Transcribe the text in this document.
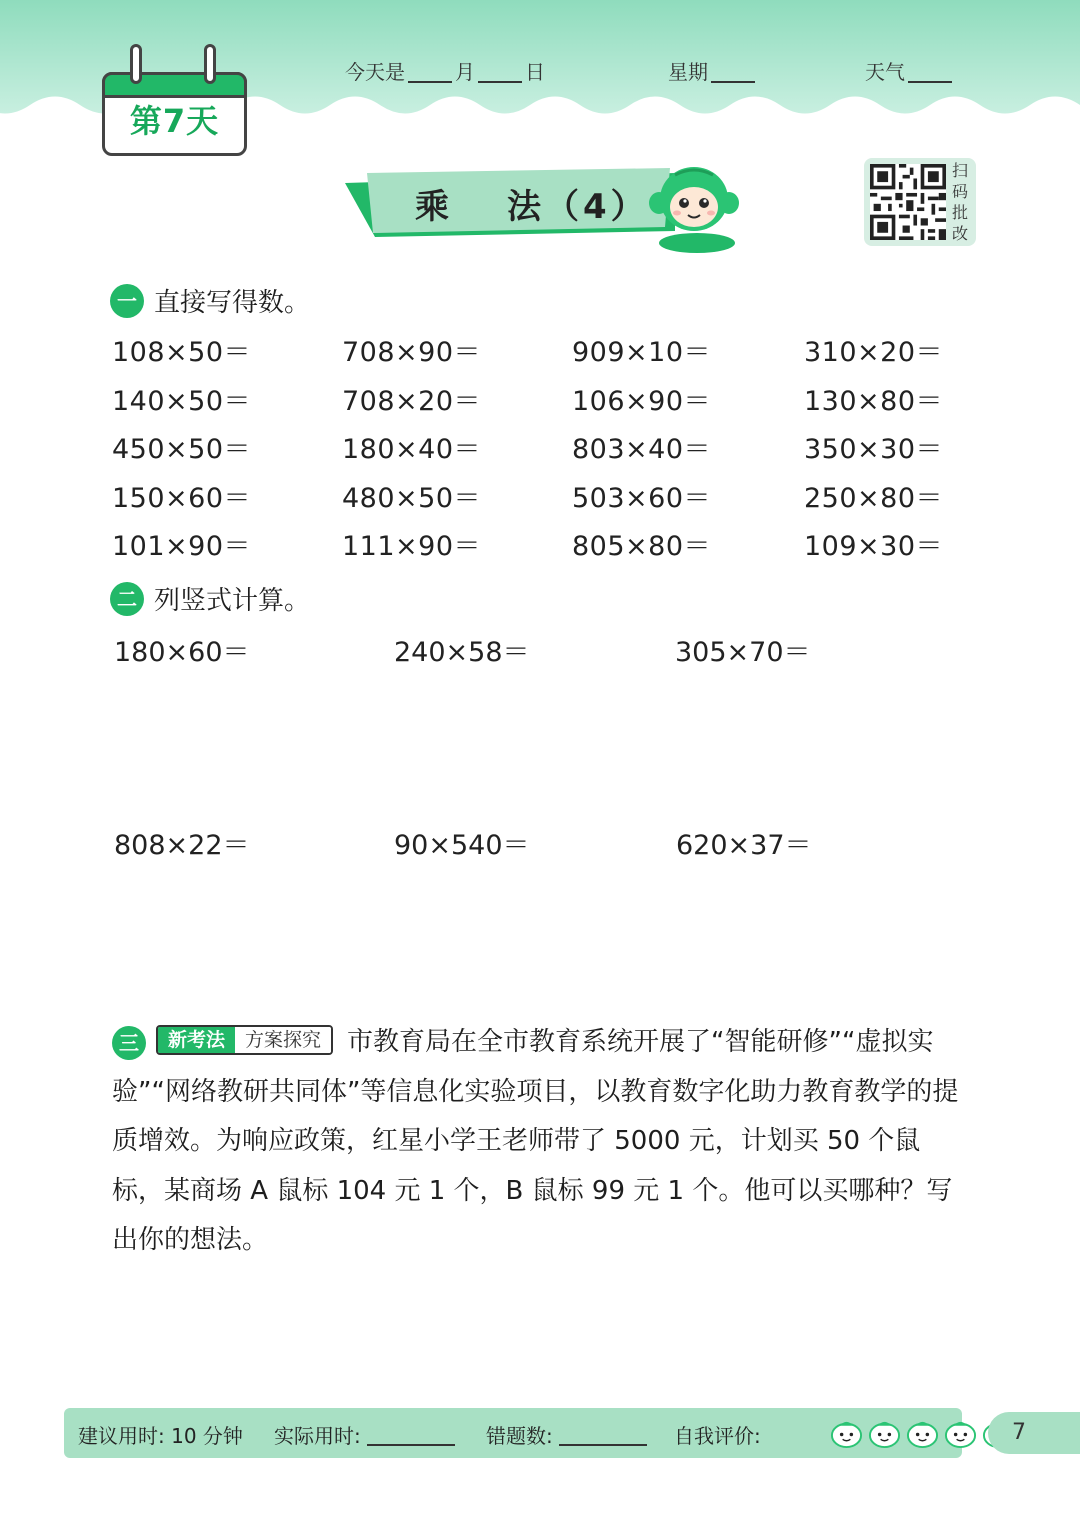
第7天
今天是	月	日	星期	天气
乘 法（4）
扫
码
批
改
一 直接写得数。
108×50＝	708×90＝	909×10＝	310×20＝
140×50＝	708×20＝	106×90＝	130×80＝
450×50＝	180×40＝	803×40＝	350×30＝
150×60＝	480×50＝	503×60＝	250×80＝
101×90＝	111×90＝	805×80＝	109×30＝
二 列竖式计算。
180×60＝	240×58＝	305×70＝
808×22＝	90×540＝	620×37＝
三	新考法	方案探究	市教育局在全市教育系统开展了“智能研修”“虚拟实验”“网络教研共同体”等信息化实验项目，以教育数字化助力教育教学的提质增效。为响应政策，红星小学王老师带了 5000 元，计划买 50 个鼠标，某商场 A 鼠标 104 元 1 个，B 鼠标 99 元 1 个。他可以买哪种？写出你的想法。
建议用时: 10 分钟 实际用时:	错题数:	自我评价:	7
